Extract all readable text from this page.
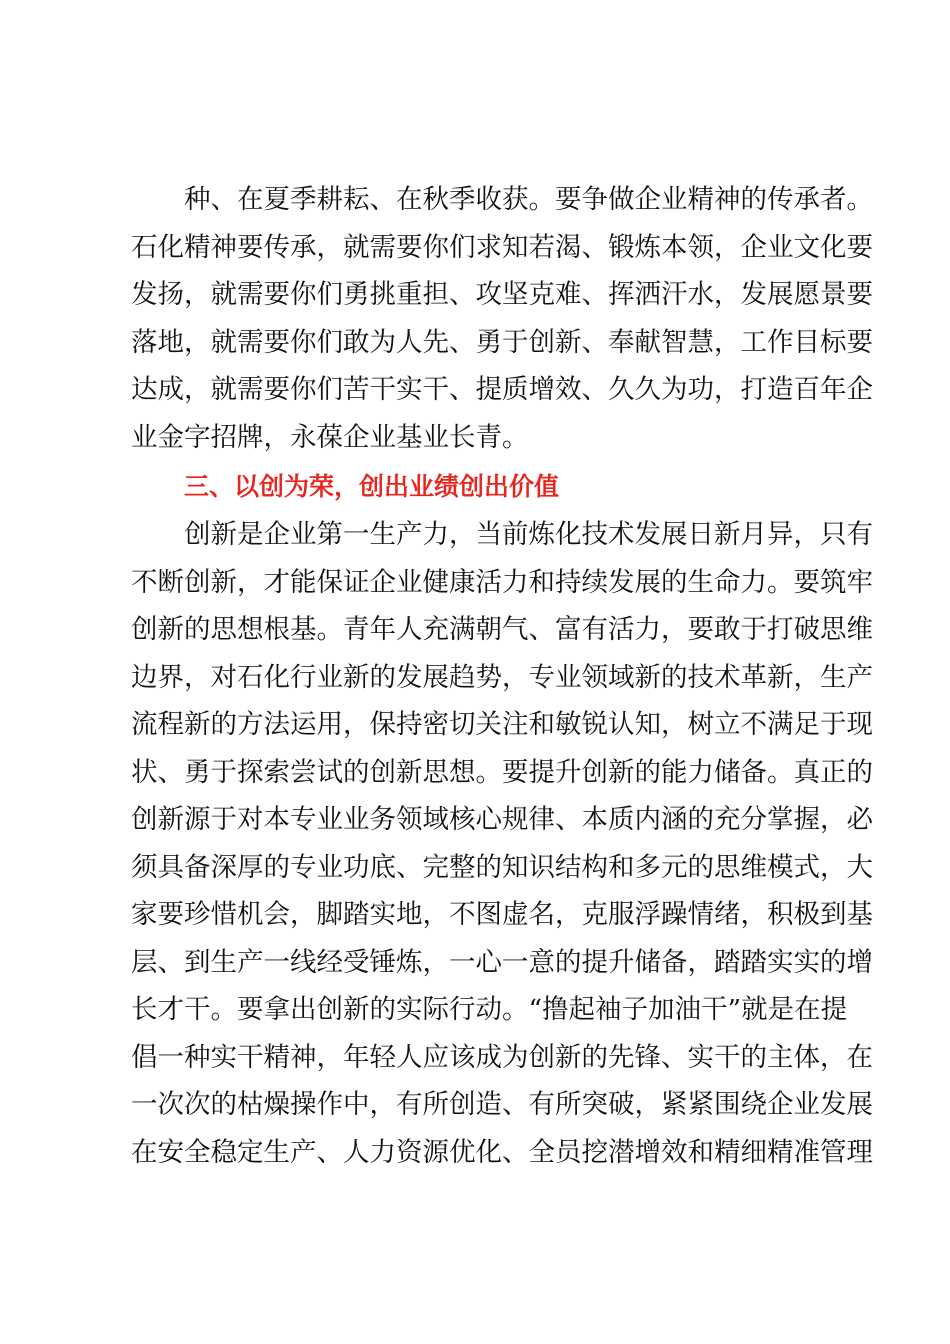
种、在夏季耕耘、在秋季收获。要争做企业精神的传承者。
石化精神要传承，就需要你们求知若渴、锻炼本领，企业文化要
发扬，就需要你们勇挑重担、攻坚克难、挥洒汗水，发展愿景要
落地，就需要你们敢为人先、勇于创新、奉献智慧，工作目标要
达成，就需要你们苦干实干、提质增效、久久为功，打造百年企
业金字招牌，永葆企业基业长青。
三、以创为荣，创出业绩创出价值
创新是企业第一生产力，当前炼化技术发展日新月异，只有
不断创新，才能保证企业健康活力和持续发展的生命力。要筑牢
创新的思想根基。青年人充满朝气、富有活力，要敢于打破思维
边界，对石化行业新的发展趋势，专业领域新的技术革新，生产
流程新的方法运用，保持密切关注和敏锐认知，树立不满足于现
状、勇于探索尝试的创新思想。要提升创新的能力储备。真正的
创新源于对本专业业务领域核心规律、本质内涵的充分掌握，必
须具备深厚的专业功底、完整的知识结构和多元的思维模式，大
家要珍惜机会，脚踏实地，不图虚名，克服浮躁情绪，积极到基
层、到生产一线经受锤炼，一心一意的提升储备，踏踏实实的增
长才干。要拿出创新的实际行动。“撸起袖子加油干”就是在提
倡一种实干精神，年轻人应该成为创新的先锋、实干的主体，在
一次次的枯燥操作中，有所创造、有所突破，紧紧围绕企业发展
在安全稳定生产、人力资源优化、全员挖潜增效和精细精准管理
